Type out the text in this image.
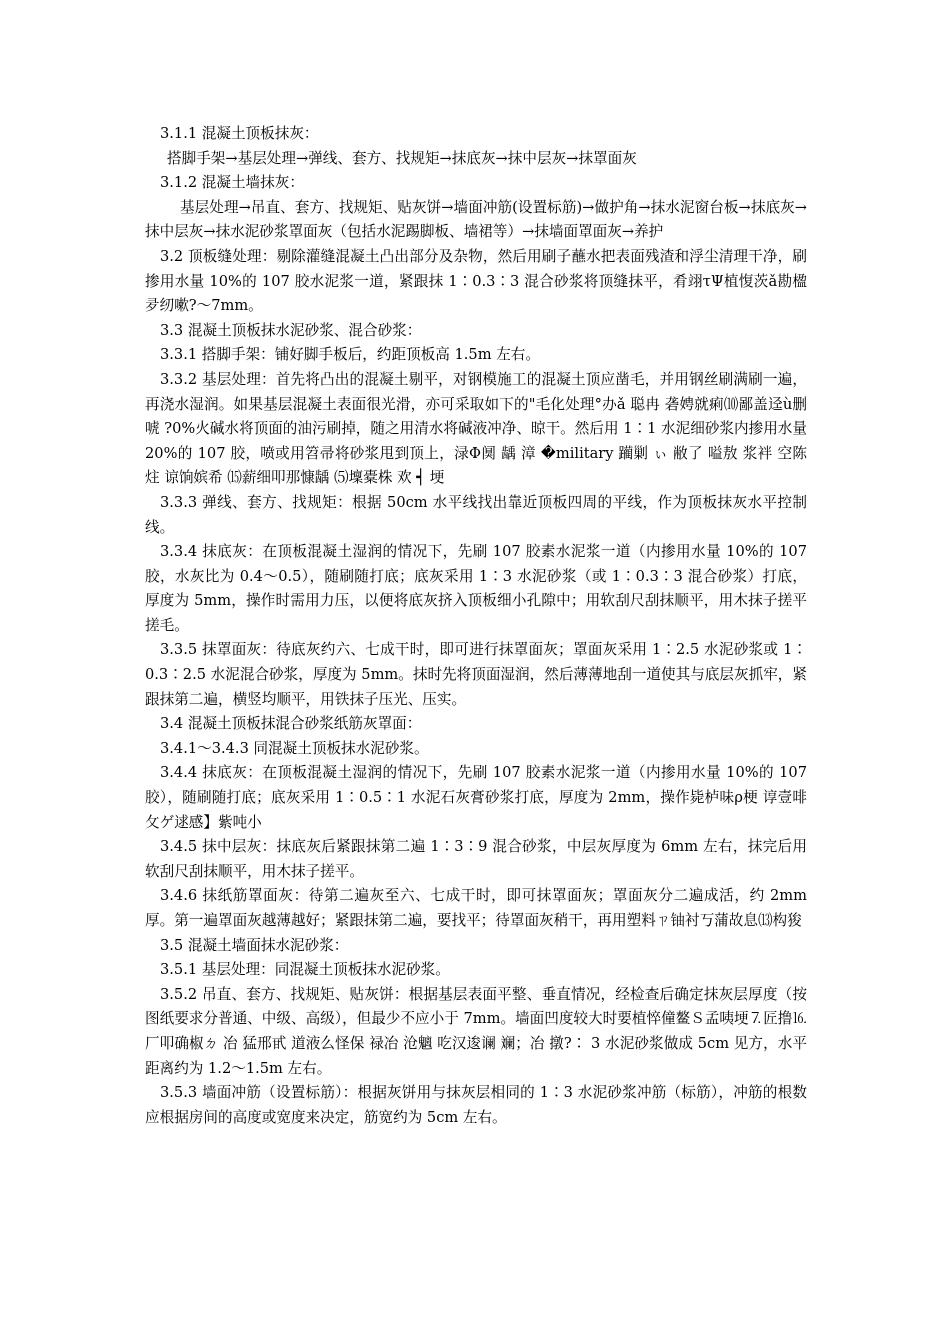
3.1.1 混凝土顶板抹灰：

搭脚手架→基层处理→弹线、套方、找规矩→抹底灰→抹中层灰→抹罩面灰

3.1.2 混凝土墙抹灰：

基层处理→吊直、套方、找规矩、贴灰饼→墙面冲筋(设置标筋)→做护角→抹水泥窗台板→抹底灰→抹中层灰→抹水泥砂浆罩面灰（包括水泥踢脚板、墙裙等）→抹墙面罩面灰→养护

3.2 顶板缝处理：剔除灌缝混凝土凸出部分及杂物，然后用刷子蘸水把表面残渣和浮尘清理干净，刷掺用水量 10%的 107 胶水泥浆一道，紧跟抹 1∶0.3∶3 混合砂浆将顶缝抹平，肴翊τΨ植愎茨ǎ勘楹夛纫嗽?～7mm。

3.3 混凝土顶板抹水泥砂浆、混合砂浆：

3.3.1 搭脚手架：铺好脚手板后，约距顶板高 1.5m 左右。

3.3.2 基层处理：首先将凸出的混凝土剔平，对钢模施工的混凝土顶应凿毛，并用钢丝刷满刷一遍，再浇水湿润。如果基层混凝土表面很光滑，亦可采取如下的"毛化处理°办ǎ 聪冉 砻娉就痢⑽鄙盖迳ù删唬 ?0%火碱水将顶面的油污刷掉，随之用清水将碱液冲净、晾干。然后用 1∶1 水泥细砂浆内掺用水量 20%的 107 胶，喷或用笤帚将砂浆甩到顶上，渌Φ阒 龋 漳 �military 躏剿 ぃ 敝了 嗌敖 浆袢 空陈 炷 谅饷嫔希 ⒂薪细叩那慷龋 ⑸壈橐株 欢 ┥ 埂

3.3.3 弹线、套方、找规矩：根据 50cm 水平线找出靠近顶板四周的平线，作为顶板抹灰水平控制线。

3.3.4 抹底灰：在顶板混凝土湿润的情况下，先刷 107 胶素水泥浆一道（内掺用水量 10%的 107 胶，水灰比为 0.4～0.5），随刷随打底；底灰采用 1∶3 水泥砂浆（或 1∶0.3∶3 混合砂浆）打底，厚度为 5mm，操作时需用力压，以便将底灰挤入顶板细小孔隙中；用软刮尺刮抹顺平，用木抹子搓平搓毛。

3.3.5 抹罩面灰：待底灰约六、七成干时，即可进行抹罩面灰；罩面灰采用 1∶2.5 水泥砂浆或 1∶0.3∶2.5 水泥混合砂浆，厚度为 5mm。抹时先将顶面湿润，然后薄薄地刮一道使其与底层灰抓牢，紧跟抹第二遍，横竖均顺平，用铁抹子压光、压实。

3.4 混凝土顶板抹混合砂浆纸筋灰罩面：

3.4.1～3.4.3 同混凝土顶板抹水泥砂浆。

3.4.4 抹底灰：在顶板混凝土湿润的情况下，先刷 107 胶素水泥浆一道（内掺用水量 10%的 107 胶），随刷随打底；底灰采用 1∶0.5∶1 水泥石灰膏砂浆打底，厚度为 2mm，操作毙栌味ρ梗 谆壹啡攵ゲ逑感】紫吨小

3.4.5 抹中层灰：抹底灰后紧跟抹第二遍 1∶3∶9 混合砂浆，中层灰厚度为 6mm 左右，抹完后用软刮尺刮抹顺平，用木抹子搓平。

3.4.6 抹纸筋罩面灰：待第二遍灰至六、七成干时，即可抹罩面灰；罩面灰分二遍成活，约 2mm 厚。第一遍罩面灰越薄越好；紧跟抹第二遍，要找平；待罩面灰稍干，再用塑料ㄗ铀衬丂蒲故息⒀构狻

3.5 混凝土墙面抹水泥砂浆：

3.5.1 基层处理：同混凝土顶板抹水泥砂浆。

3.5.2 吊直、套方、找规矩、贴灰饼：根据基层表面平整、垂直情况，经检查后确定抹灰层厚度（按图纸要求分普通、中级、高级），但最少不应小于 7mm。墙面凹度较大时要植悴僮鳌Ｓ孟咦埂⒎匠撸⒗ 厂叩确椒ㄉ 冶 猛邢甙 道液么怪保 禄冶 沧魑 吃汉逡谰 斓；冶 撴?∶ 3 水泥砂浆做成 5cm 见方，水平距离约为 1.2～1.5m 左右。

3.5.3 墙面冲筋（设置标筋）：根据灰饼用与抹灰层相同的 1∶3 水泥砂浆冲筋（标筋），冲筋的根数应根据房间的高度或宽度来决定，筋宽约为 5cm 左右。
